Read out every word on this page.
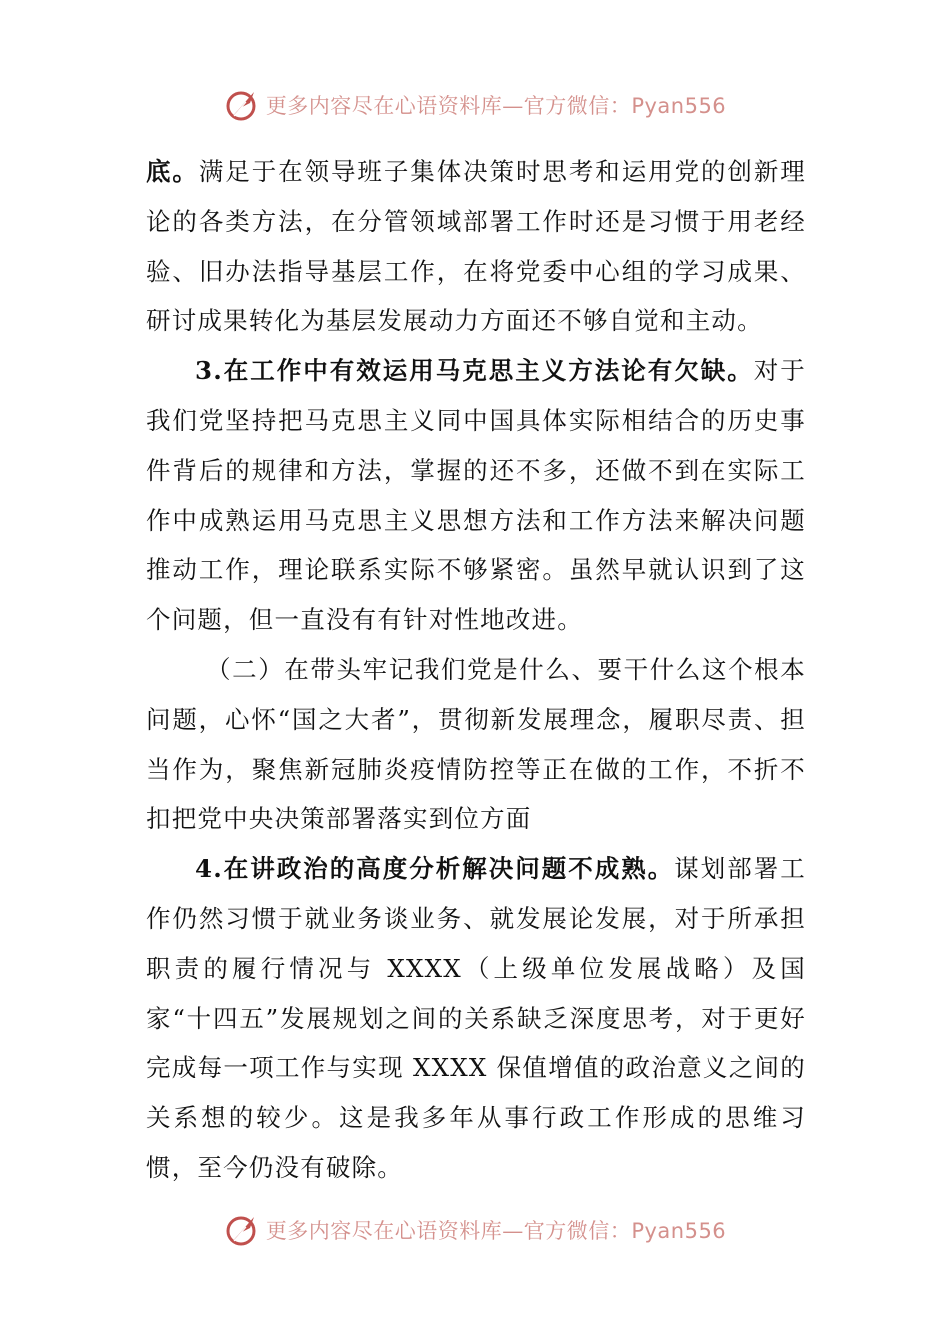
更多内容尽在心语资料库—官方微信：Pyan556

底。满足于在领导班子集体决策时思考和运用党的创新理论的各类方法，在分管领域部署工作时还是习惯于用老经验、旧办法指导基层工作，在将党委中心组的学习成果、研讨成果转化为基层发展动力方面还不够自觉和主动。

3.在工作中有效运用马克思主义方法论有欠缺。对于我们党坚持把马克思主义同中国具体实际相结合的历史事件背后的规律和方法，掌握的还不多，还做不到在实际工作中成熟运用马克思主义思想方法和工作方法来解决问题推动工作，理论联系实际不够紧密。虽然早就认识到了这个问题，但一直没有有针对性地改进。

（二）在带头牢记我们党是什么、要干什么这个根本问题，心怀“国之大者”，贯彻新发展理念，履职尽责、担当作为，聚焦新冠肺炎疫情防控等正在做的工作，不折不扣把党中央决策部署落实到位方面

4.在讲政治的高度分析解决问题不成熟。谋划部署工作仍然习惯于就业务谈业务、就发展论发展，对于所承担职责的履行情况与 XXXX（上级单位发展战略）及国家“十四五”发展规划之间的关系缺乏深度思考，对于更好完成每一项工作与实现 XXXX 保值增值的政治意义之间的关系想的较少。这是我多年从事行政工作形成的思维习惯，至今仍没有破除。

更多内容尽在心语资料库—官方微信：Pyan556
